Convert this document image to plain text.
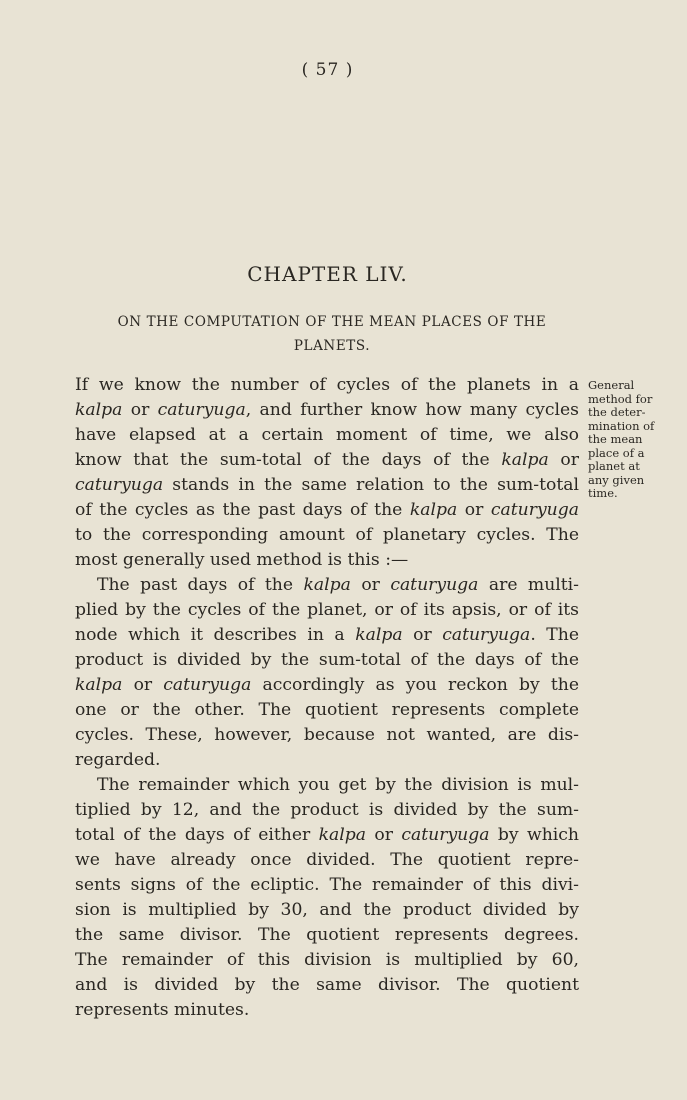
( 57 )
CHAPTER LIV.
ON THE COMPUTATION OF THE MEAN PLACES OF THE
PLANETS.
If we know the number of cycles of the planets in a
kalpa or caturyuga, and further know how many cycles
have elapsed at a certain moment of time, we also
know that the sum-total of the days of the kalpa or
caturyuga stands in the same relation to the sum-total
of the cycles as the past days of the kalpa or caturyuga
to the corresponding amount of planetary cycles. The
most generally used method is this :—
The past days of the kalpa or caturyuga are multi-
plied by the cycles of the planet, or of its apsis, or of its
node which it describes in a kalpa or caturyuga. The
product is divided by the sum-total of the days of the
kalpa or caturyuga accordingly as you reckon by the
one or the other. The quotient represents complete
cycles. These, however, because not wanted, are dis-
regarded.
The remainder which you get by the division is mul-
tiplied by 12, and the product is divided by the sum-
total of the days of either kalpa or caturyuga by which
we have already once divided. The quotient repre-
sents signs of the ecliptic. The remainder of this divi-
sion is multiplied by 30, and the product divided by
the same divisor. The quotient represents degrees.
The remainder of this division is multiplied by 60,
and is divided by the same divisor. The quotient
represents minutes.
General
method for
the deter-
mination of
the mean
place of a
planet at
any given
time.
